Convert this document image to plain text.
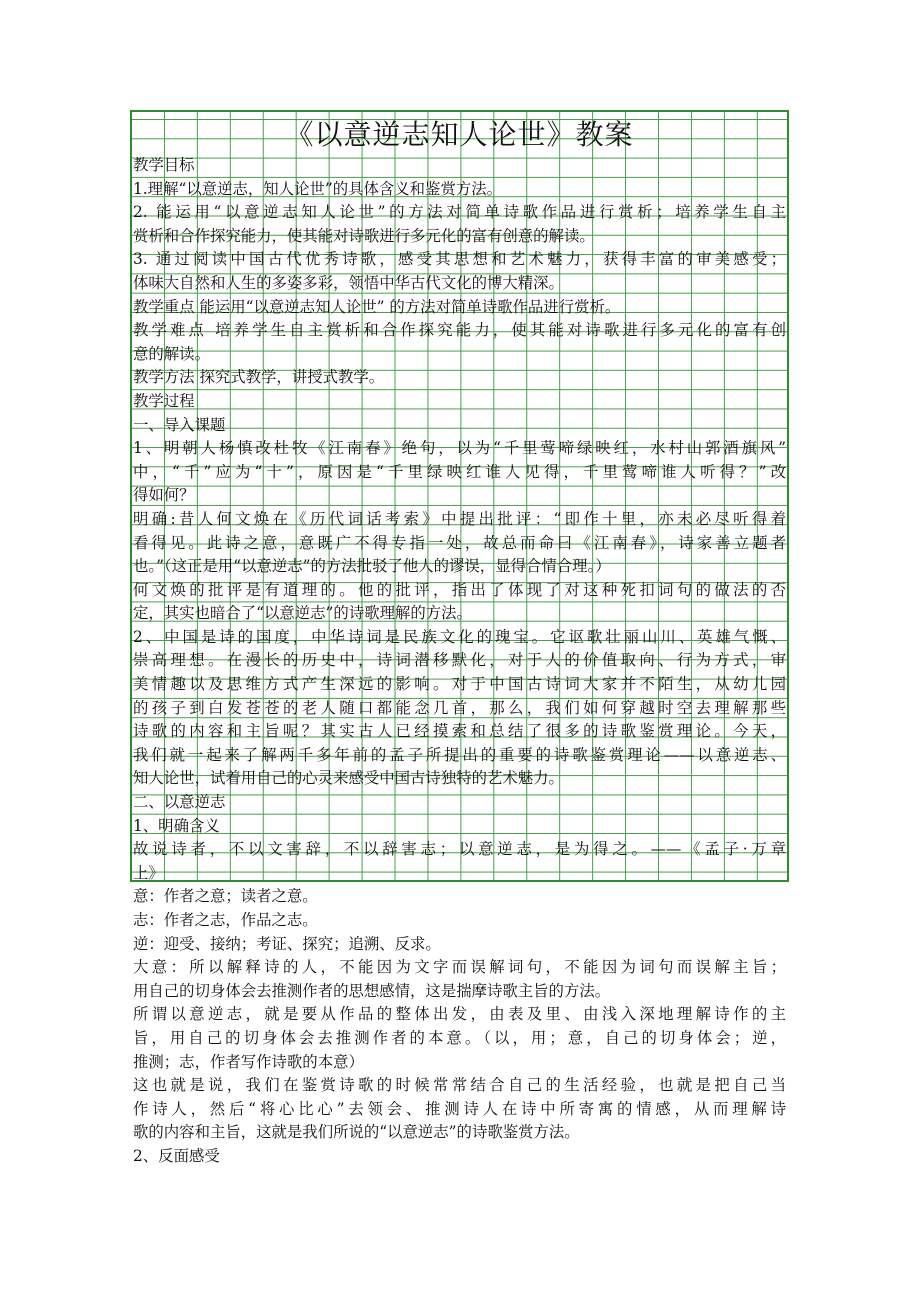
《以意逆志知人论世》教案
教学目标
1.理解“以意逆志，知人论世”的具体含义和鉴赏方法。
2. 能运用“以意逆志知人论世”的方法对简单诗歌作品进行赏析；培养学生自主
赏析和合作探究能力，使其能对诗歌进行多元化的富有创意的解读。
3. 通过阅读中国古代优秀诗歌，感受其思想和艺术魅力，获得丰富的审美感受；
体味大自然和人生的多姿多彩，领悟中华古代文化的博大精深。
教学重点 能运用“以意逆志知人论世” 的方法对简单诗歌作品进行赏析。
教学难点 培养学生自主赏析和合作探究能力，使其能对诗歌进行多元化的富有创
意的解读。
教学方法 探究式教学，讲授式教学。
教学过程
一、导入课题
1、明朝人杨慎改杜牧《江南春》绝句，以为“千里莺啼绿映红，水村山郭酒旗风”
中，“千”应为“十”，原因是“千里绿映红谁人见得，千里莺啼谁人听得？”改
得如何？
明确:昔人何文焕在《历代词话考索》中提出批评：“即作十里，亦未必尽听得着
看得见。此诗之意，意既广不得专指一处，故总而命曰《江南春》，诗家善立题者
也。”（这正是用“以意逆志”的方法批驳了他人的谬误，显得合情合理。）
何文焕的批评是有道理的。他的批评，指出了体现了对这种死扣词句的做法的否
定，其实也暗合了“以意逆志”的诗歌理解的方法。
2、中国是诗的国度，中华诗词是民族文化的瑰宝。它讴歌壮丽山川、英雄气慨、
崇高理想。在漫长的历史中，诗词潜移默化，对于人的价值取向、行为方式，审
美情趣以及思维方式产生深远的影响。对于中国古诗词大家并不陌生，从幼儿园
的孩子到白发苍苍的老人随口都能念几首，那么，我们如何穿越时空去理解那些
诗歌的内容和主旨呢？其实古人已经摸索和总结了很多的诗歌鉴赏理论。今天，
我们就一起来了解两千多年前的孟子所提出的重要的诗歌鉴赏理论——以意逆志、
知人论世，试着用自己的心灵来感受中国古诗独特的艺术魅力。
二、以意逆志
1、明确含义
故说诗者，不以文害辞，不以辞害志；以意逆志，是为得之。——《孟子·万章
上》
意：作者之意；读者之意。
志：作者之志，作品之志。
逆：迎受、接纳；考证、探究；追溯、反求。
大意：所以解释诗的人，不能因为文字而误解词句，不能因为词句而误解主旨；
用自己的切身体会去推测作者的思想感情，这是揣摩诗歌主旨的方法。
所谓以意逆志，就是要从作品的整体出发，由表及里、由浅入深地理解诗作的主
旨，用自己的切身体会去推测作者的本意。（以，用；意，自己的切身体会；逆，
推测；志，作者写作诗歌的本意）
这也就是说，我们在鉴赏诗歌的时候常常结合自己的生活经验，也就是把自己当
作诗人，然后“将心比心”去领会、推测诗人在诗中所寄寓的情感，从而理解诗
歌的内容和主旨，这就是我们所说的“以意逆志”的诗歌鉴赏方法。
2、反面感受
